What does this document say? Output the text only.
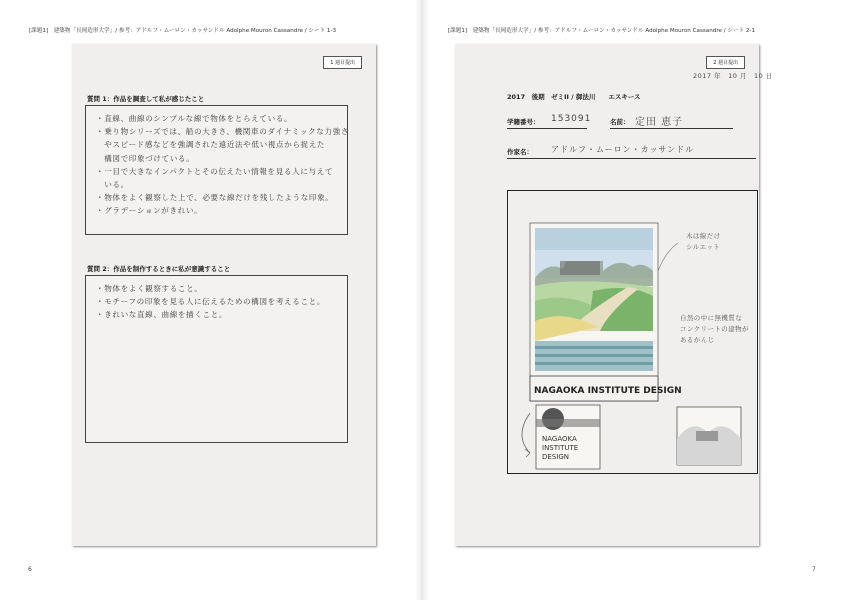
[課題1]　建築物「長岡造形大学」/ 参考：アドルフ・ムーロン・カッサンドル Adolphe Mouron Cassandre / シート 1-3
1 週目提出
質問 1：作品を調査して私が感じたこと
・直線、曲線のシンプルな線で物体をとらえている。
・乗り物シリーズでは、船の大きさ、機関車のダイナミックな力強さ
　やスピード感などを強調された遠近法や低い視点から捉えた
　構図で印象づけている。
・一目で大きなインパクトとその伝えたい情報を見る人に与えて
　いる。
・物体をよく観察した上で、必要な線だけを残したような印象。
・グラデーションがきれい。
質問 2：作品を制作するときに私が意識すること
・物体をよく観察すること。
・モチーフの印象を見る人に伝えるための構図を考えること。
・きれいな直線、曲線を描くこと。
6
[課題1]　建築物「長岡造形大学」/ 参考：アドルフ・ムーロン・カッサンドル Adolphe Mouron Cassandre / シート 2-1
2 週目提出
2017 年　10 月　10 日
2017　後期　ゼミII / 御法川　　エスキース
学籍番号： 153091	名前： 定田 恵子
作家名： アドルフ・ムーロン・カッサンドル
NAGAOKA INSTITUTE DESIGN
NAGAOKA
INSTITUTE
DESIGN
木は線だけ
シルエット
自然の中に無機質な
コンクリートの建物が
あるかんじ
7
